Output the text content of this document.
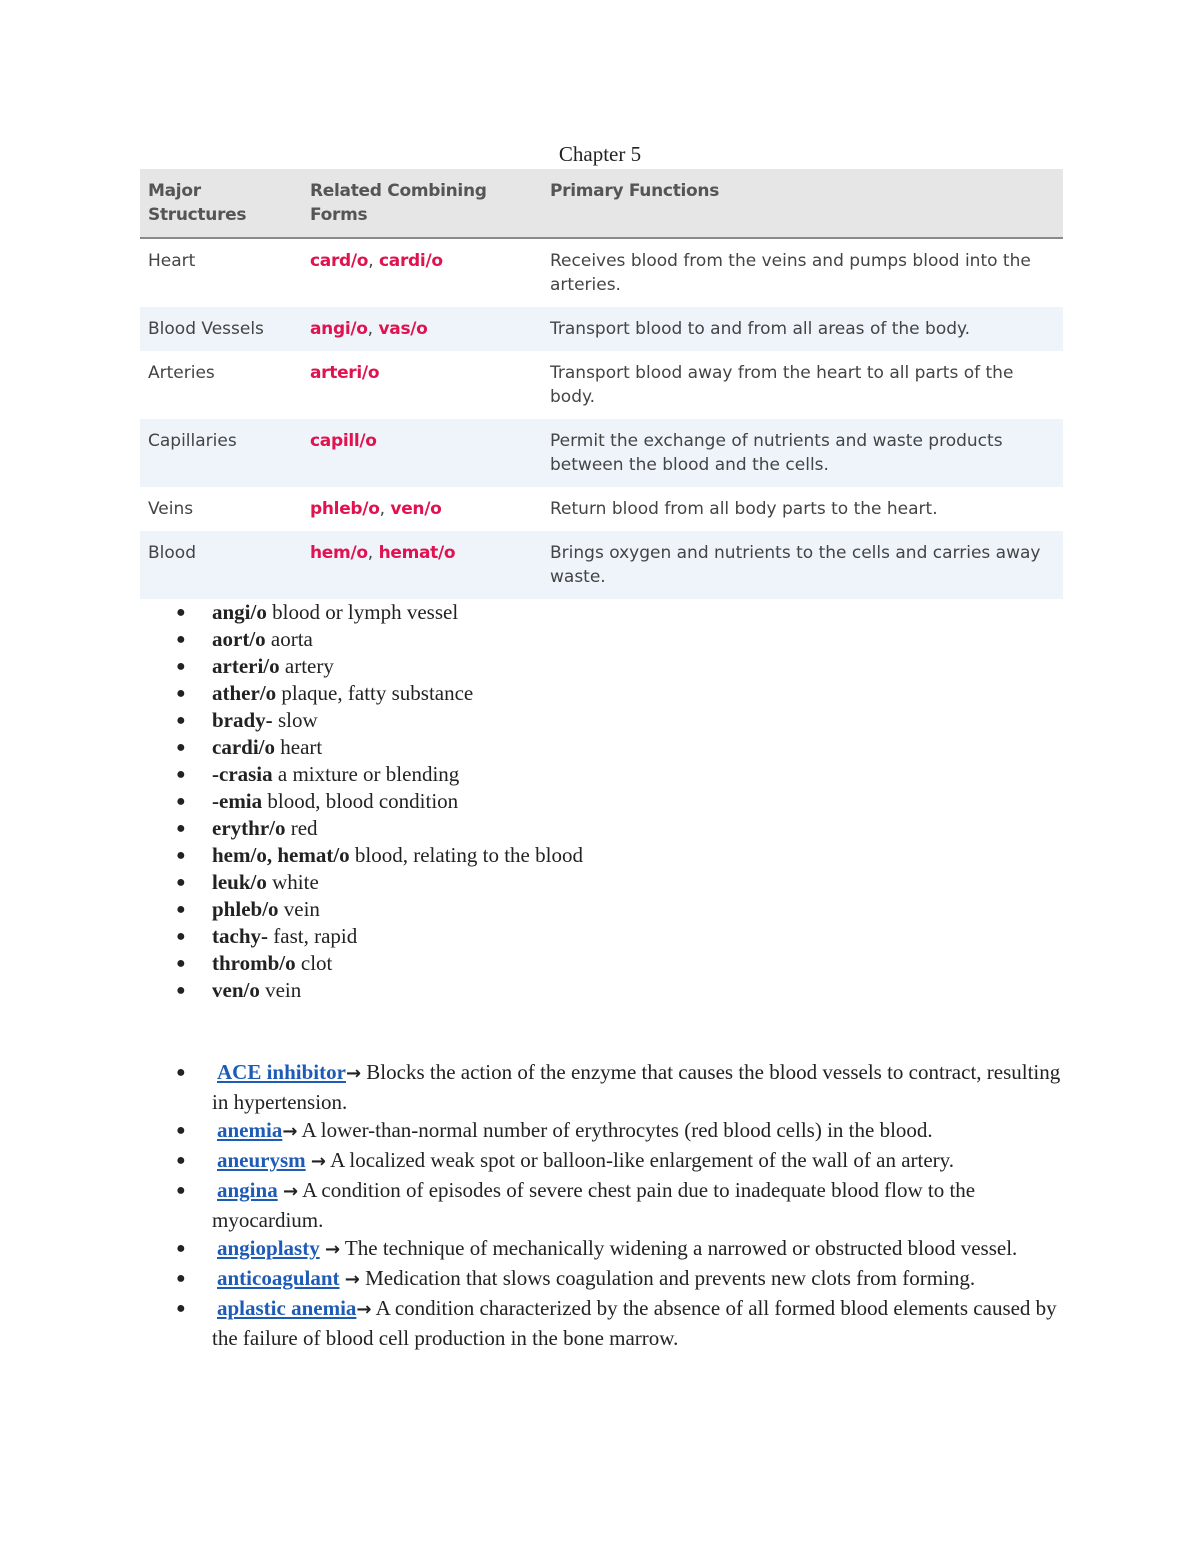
Chapter 5
Major Structures	Related Combining Forms	Primary Functions
Heart	card/o, cardi/o	Receives blood from the veins and pumps blood into the arteries.
Blood Vessels	angi/o, vas/o	Transport blood to and from all areas of the body.
Arteries	arteri/o	Transport blood away from the heart to all parts of the body.
Capillaries	capill/o	Permit the exchange of nutrients and waste products between the blood and the cells.
Veins	phleb/o, ven/o	Return blood from all body parts to the heart.
Blood	hem/o, hemat/o	Brings oxygen and nutrients to the cells and carries away waste.
● angi/o blood or lymph vessel
● aort/o aorta
● arteri/o artery
● ather/o plaque, fatty substance
● brady- slow
● cardi/o heart
● -crasia a mixture or blending
● -emia blood, blood condition
● erythr/o red
● hem/o, hemat/o blood, relating to the blood
● leuk/o white
● phleb/o vein
● tachy- fast, rapid
● thromb/o clot
● ven/o vein
● ACE inhibitor→ Blocks the action of the enzyme that causes the blood vessels to contract, resulting in hypertension.
● anemia→ A lower-than-normal number of erythrocytes (red blood cells) in the blood.
● aneurysm → A localized weak spot or balloon-like enlargement of the wall of an artery.
● angina → A condition of episodes of severe chest pain due to inadequate blood flow to the myocardium.
● angioplasty → The technique of mechanically widening a narrowed or obstructed blood vessel.
● anticoagulant → Medication that slows coagulation and prevents new clots from forming.
● aplastic anemia→ A condition characterized by the absence of all formed blood elements caused by the failure of blood cell production in the bone marrow.
